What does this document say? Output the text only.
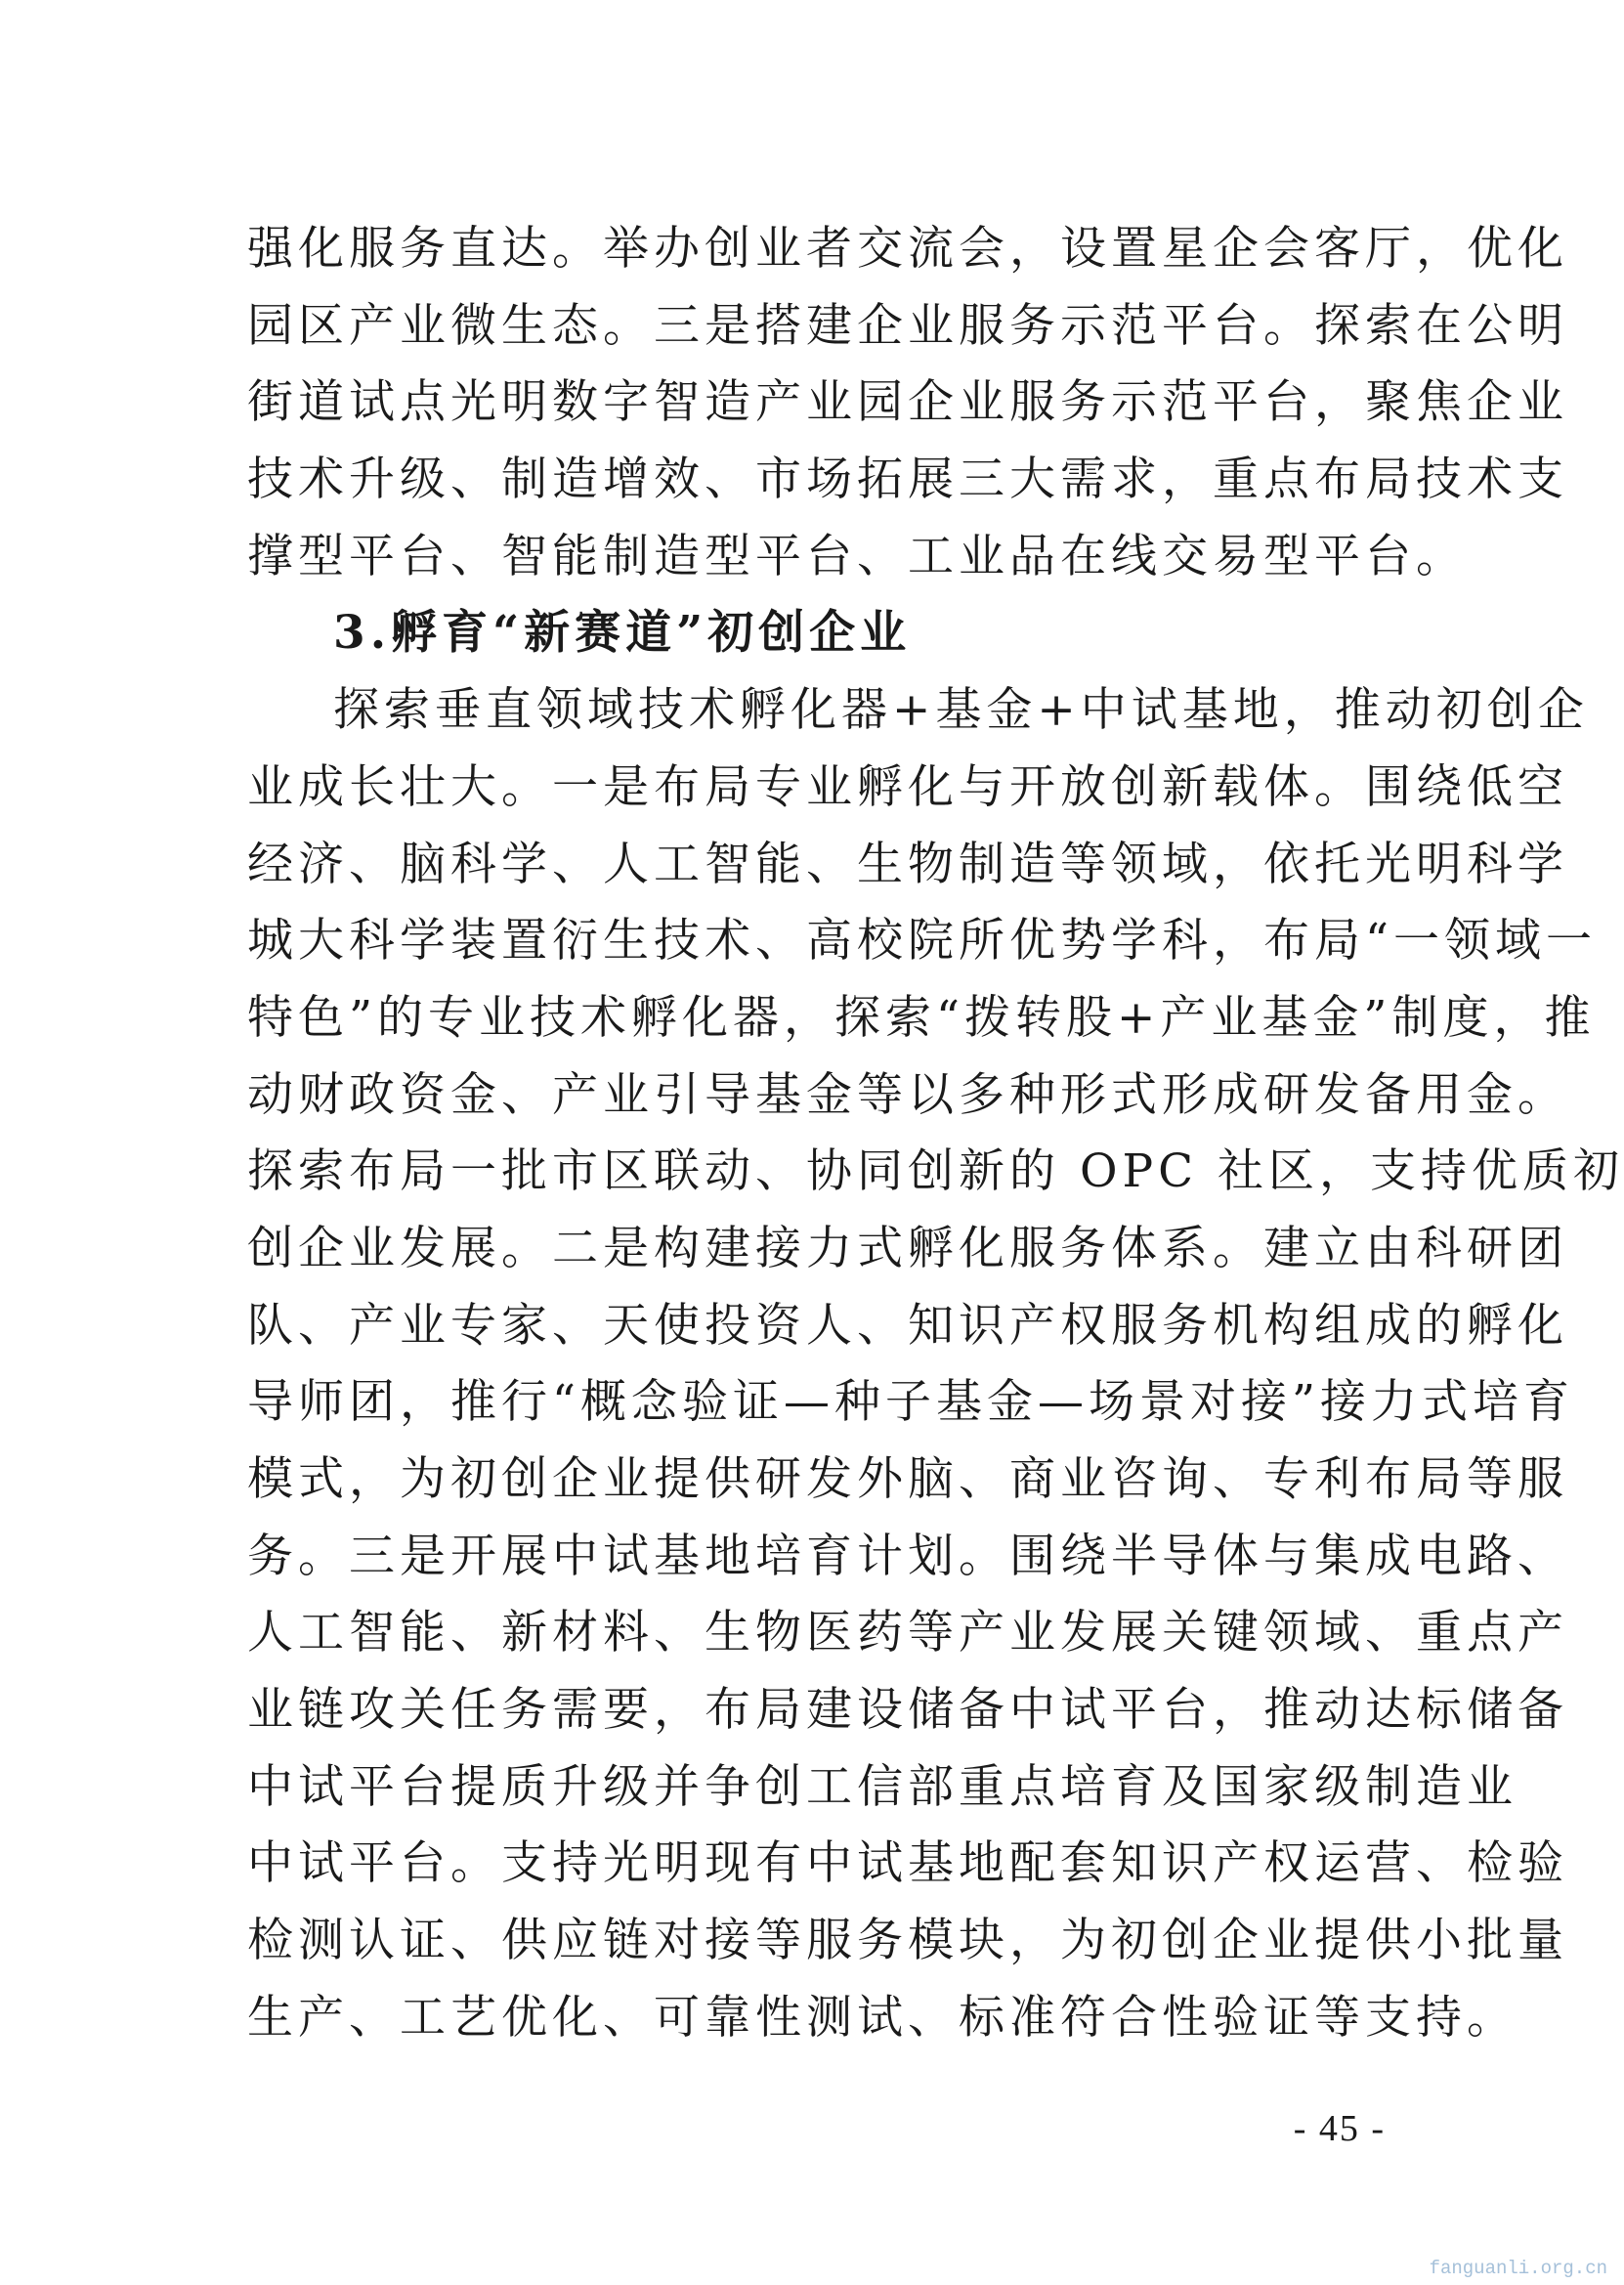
强化服务直达。举办创业者交流会，设置星企会客厅，优化
园区产业微生态。三是搭建企业服务示范平台。探索在公明
街道试点光明数字智造产业园企业服务示范平台，聚焦企业
技术升级、制造增效、市场拓展三大需求，重点布局技术支
撑型平台、智能制造型平台、工业品在线交易型平台。
3.孵育“新赛道”初创企业
探索垂直领域技术孵化器+基金+中试基地，推动初创企
业成长壮大。一是布局专业孵化与开放创新载体。围绕低空
经济、脑科学、人工智能、生物制造等领域，依托光明科学
城大科学装置衍生技术、高校院所优势学科，布局“一领域一
特色”的专业技术孵化器，探索“拨转股+产业基金”制度，推
动财政资金、产业引导基金等以多种形式形成研发备用金。
探索布局一批市区联动、协同创新的 OPC 社区，支持优质初
创企业发展。二是构建接力式孵化服务体系。建立由科研团
队、产业专家、天使投资人、知识产权服务机构组成的孵化
导师团，推行“概念验证—种子基金—场景对接”接力式培育
模式，为初创企业提供研发外脑、商业咨询、专利布局等服
务。三是开展中试基地培育计划。围绕半导体与集成电路、
人工智能、新材料、生物医药等产业发展关键领域、重点产
业链攻关任务需要，布局建设储备中试平台，推动达标储备
中试平台提质升级并争创工信部重点培育及国家级制造业
中试平台。支持光明现有中试基地配套知识产权运营、检验
检测认证、供应链对接等服务模块，为初创企业提供小批量
生产、工艺优化、可靠性测试、标准符合性验证等支持。
- 45 -
fanguanli.org.cn
